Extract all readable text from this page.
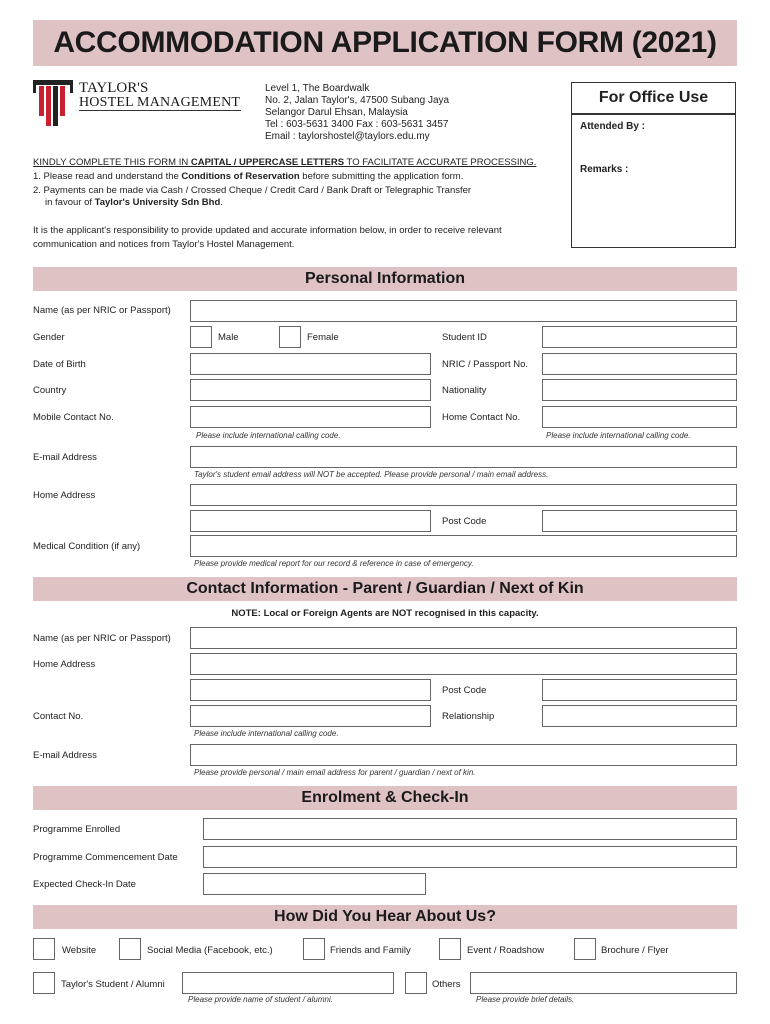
ACCOMMODATION APPLICATION FORM (2021)
TAYLOR'S
HOSTEL MANAGEMENT
Level 1, The Boardwalk
No. 2, Jalan Taylor's, 47500 Subang Jaya
Selangor Darul Ehsan, Malaysia
Tel : 603-5631 3400 Fax : 603-5631 3457
Email : taylorshostel@taylors.edu.my
For Office Use
Attended By :
Remarks :
KINDLY COMPLETE THIS FORM IN CAPITAL / UPPERCASE LETTERS TO FACILITATE ACCURATE PROCESSING.
1. Please read and understand the Conditions of Reservation before submitting the application form.
2. Payments can be made via Cash / Crossed Cheque / Credit Card / Bank Draft or Telegraphic Transfer
in favour of Taylor's University Sdn Bhd.
It is the applicant's responsibility to provide updated and accurate information below, in order to receive relevant
communication and notices from Taylor's Hostel Management.
Personal Information
Name (as per NRIC or Passport)
Gender	Male	Female	Student ID
Date of Birth	NRIC / Passport No.
Country	Nationality
Mobile Contact No.	Home Contact No.
Please include international calling code.	Please include international calling code.
E-mail Address
Taylor's student email address will NOT be accepted. Please provide personal / main email address.
Home Address
Post Code
Medical Condition (if any)
Please provide medical report for our record & reference in case of emergency.
Contact Information - Parent / Guardian / Next of Kin
NOTE: Local or Foreign Agents are NOT recognised in this capacity.
Name (as per NRIC or Passport)
Home Address
Post Code
Contact No.	Relationship
Please include international calling code.
E-mail Address
Please provide personal / main email address for parent / guardian / next of kin.
Enrolment & Check-In
Programme Enrolled
Programme Commencement Date
Expected Check-In Date
How Did You Hear About Us?
Website	Social Media (Facebook, etc.)	Friends and Family	Event / Roadshow	Brochure / Flyer
Taylor's Student / Alumni
Please provide name of student / alumni.
Others
Please provide brief details.
